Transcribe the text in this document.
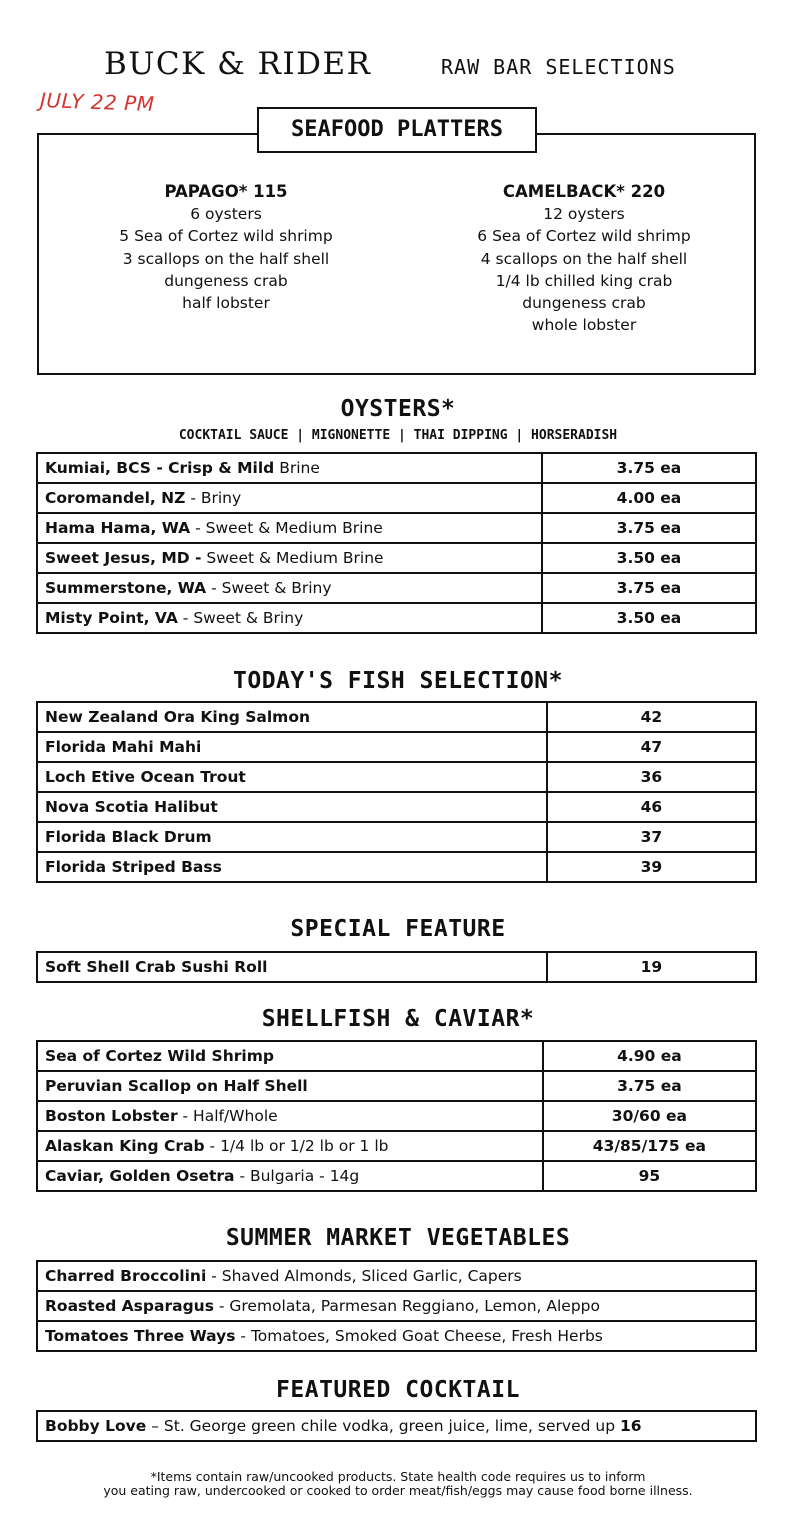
BUCK & RIDER	RAW BAR SELECTIONS
JULY 22 PM
SEAFOOD PLATTERS
PAPAGO* 115
6 oysters
5 Sea of Cortez wild shrimp
3 scallops on the half shell
dungeness crab
half lobster
CAMELBACK* 220
12 oysters
6 Sea of Cortez wild shrimp
4 scallops on the half shell
1/4 lb chilled king crab
dungeness crab
whole lobster
OYSTERS*
COCKTAIL SAUCE | MIGNONETTE | THAI DIPPING | HORSERADISH
Kumiai, BCS - Crisp & Mild Brine	3.75 ea
Coromandel, NZ - Briny	4.00 ea
Hama Hama, WA - Sweet & Medium Brine	3.75 ea
Sweet Jesus, MD - Sweet & Medium Brine	3.50 ea
Summerstone, WA - Sweet & Briny	3.75 ea
Misty Point, VA - Sweet & Briny	3.50 ea
TODAY'S FISH SELECTION*
New Zealand Ora King Salmon	42
Florida Mahi Mahi	47
Loch Etive Ocean Trout	36
Nova Scotia Halibut	46
Florida Black Drum	37
Florida Striped Bass	39
SPECIAL FEATURE
Soft Shell Crab Sushi Roll	19
SHELLFISH & CAVIAR*
Sea of Cortez Wild Shrimp	4.90 ea
Peruvian Scallop on Half Shell	3.75 ea
Boston Lobster - Half/Whole	30/60 ea
Alaskan King Crab - 1/4 lb or 1/2 lb or 1 lb	43/85/175 ea
Caviar, Golden Osetra - Bulgaria - 14g	95
SUMMER MARKET VEGETABLES
Charred Broccolini - Shaved Almonds, Sliced Garlic, Capers
Roasted Asparagus - Gremolata, Parmesan Reggiano, Lemon, Aleppo
Tomatoes Three Ways - Tomatoes, Smoked Goat Cheese, Fresh Herbs
FEATURED COCKTAIL
Bobby Love – St. George green chile vodka, green juice, lime, served up 16
*Items contain raw/uncooked products. State health code requires us to inform
you eating raw, undercooked or cooked to order meat/fish/eggs may cause food borne illness.
